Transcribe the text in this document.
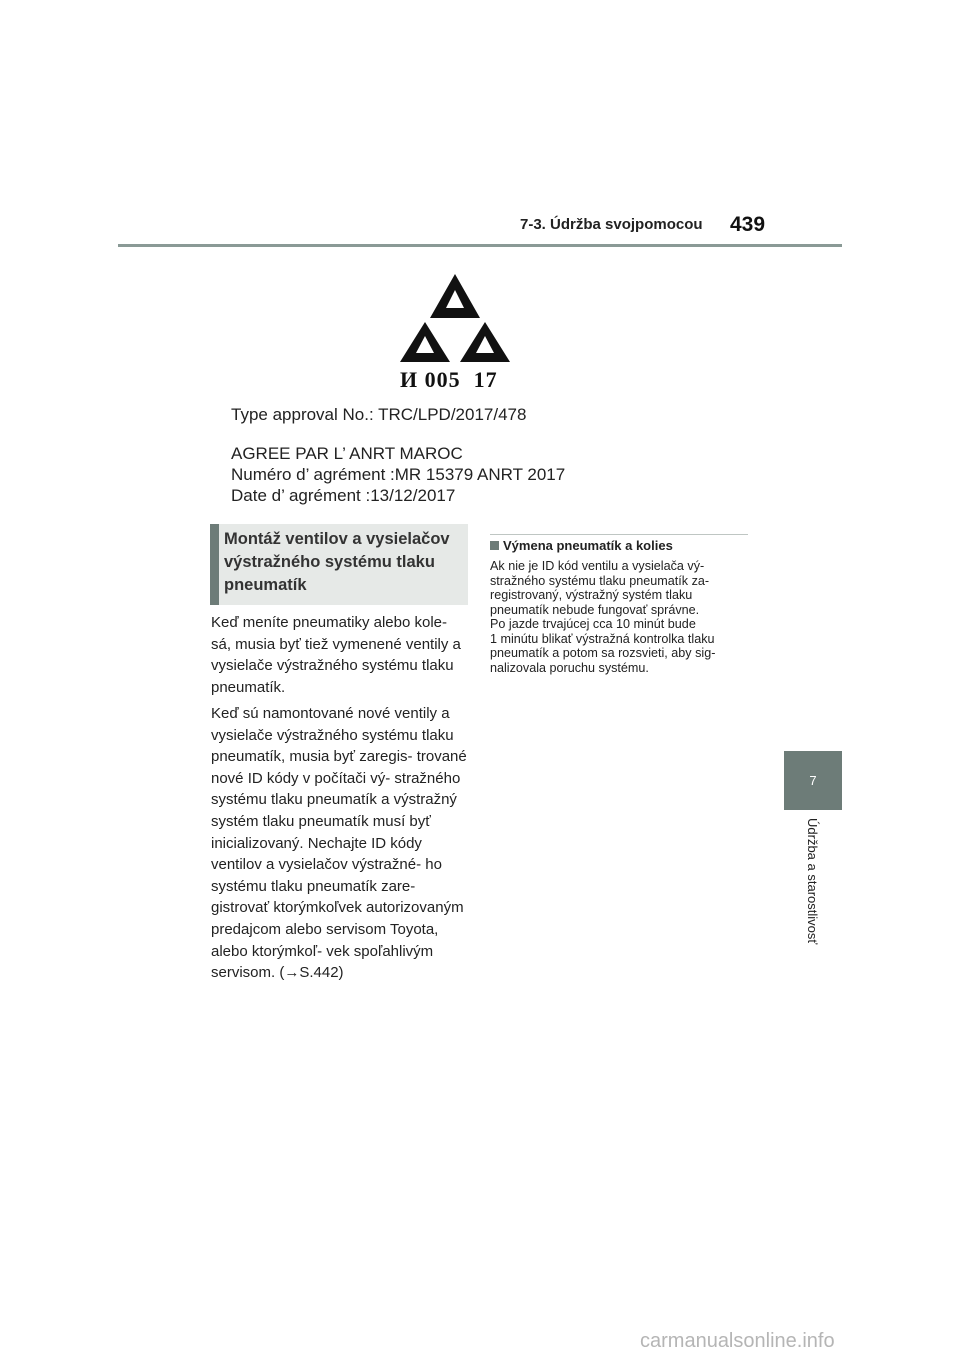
7-3. Údržba svojpomocou 439
7
Údržba a starostlivosť
И 005  17
Type approval No.: TRC/LPD/2017/478
AGREE PAR L’ ANRT MAROC
Numéro d’ agrément :MR 15379 ANRT 2017
Date d’ agrément :13/12/2017
Montáž ventilov a vysielačov výstražného systému tlaku pneumatík
Keď meníte pneumatiky alebo kole- sá, musia byť tiež vymenené ventily a vysielače výstražného systému tlaku pneumatík.
Keď sú namontované nové ventily a vysielače výstražného systému tlaku pneumatík, musia byť zaregis- trované nové ID kódy v počítači vý- stražného systému tlaku pneumatík a výstražný systém tlaku pneumatík musí byť inicializovaný. Nechajte ID kódy ventilov a vysielačov výstražné- ho systému tlaku pneumatík zare- gistrovať ktorýmkoľvek autorizovaným predajcom alebo servisom Toyota, alebo ktorýmkoľ- vek spoľahlivým servisom. (→S.442)
Výmena pneumatík a kolies
Ak nie je ID kód ventilu a vysielača vý-
stražného systému tlaku pneumatík za-
registrovaný, výstražný systém tlaku
pneumatík nebude fungovať správne.
Po jazde trvajúcej cca 10 minút bude
1 minútu blikať výstražná kontrolka tlaku
pneumatík a potom sa rozsvieti, aby sig-
nalizovala poruchu systému.
carmanualsonline.info
